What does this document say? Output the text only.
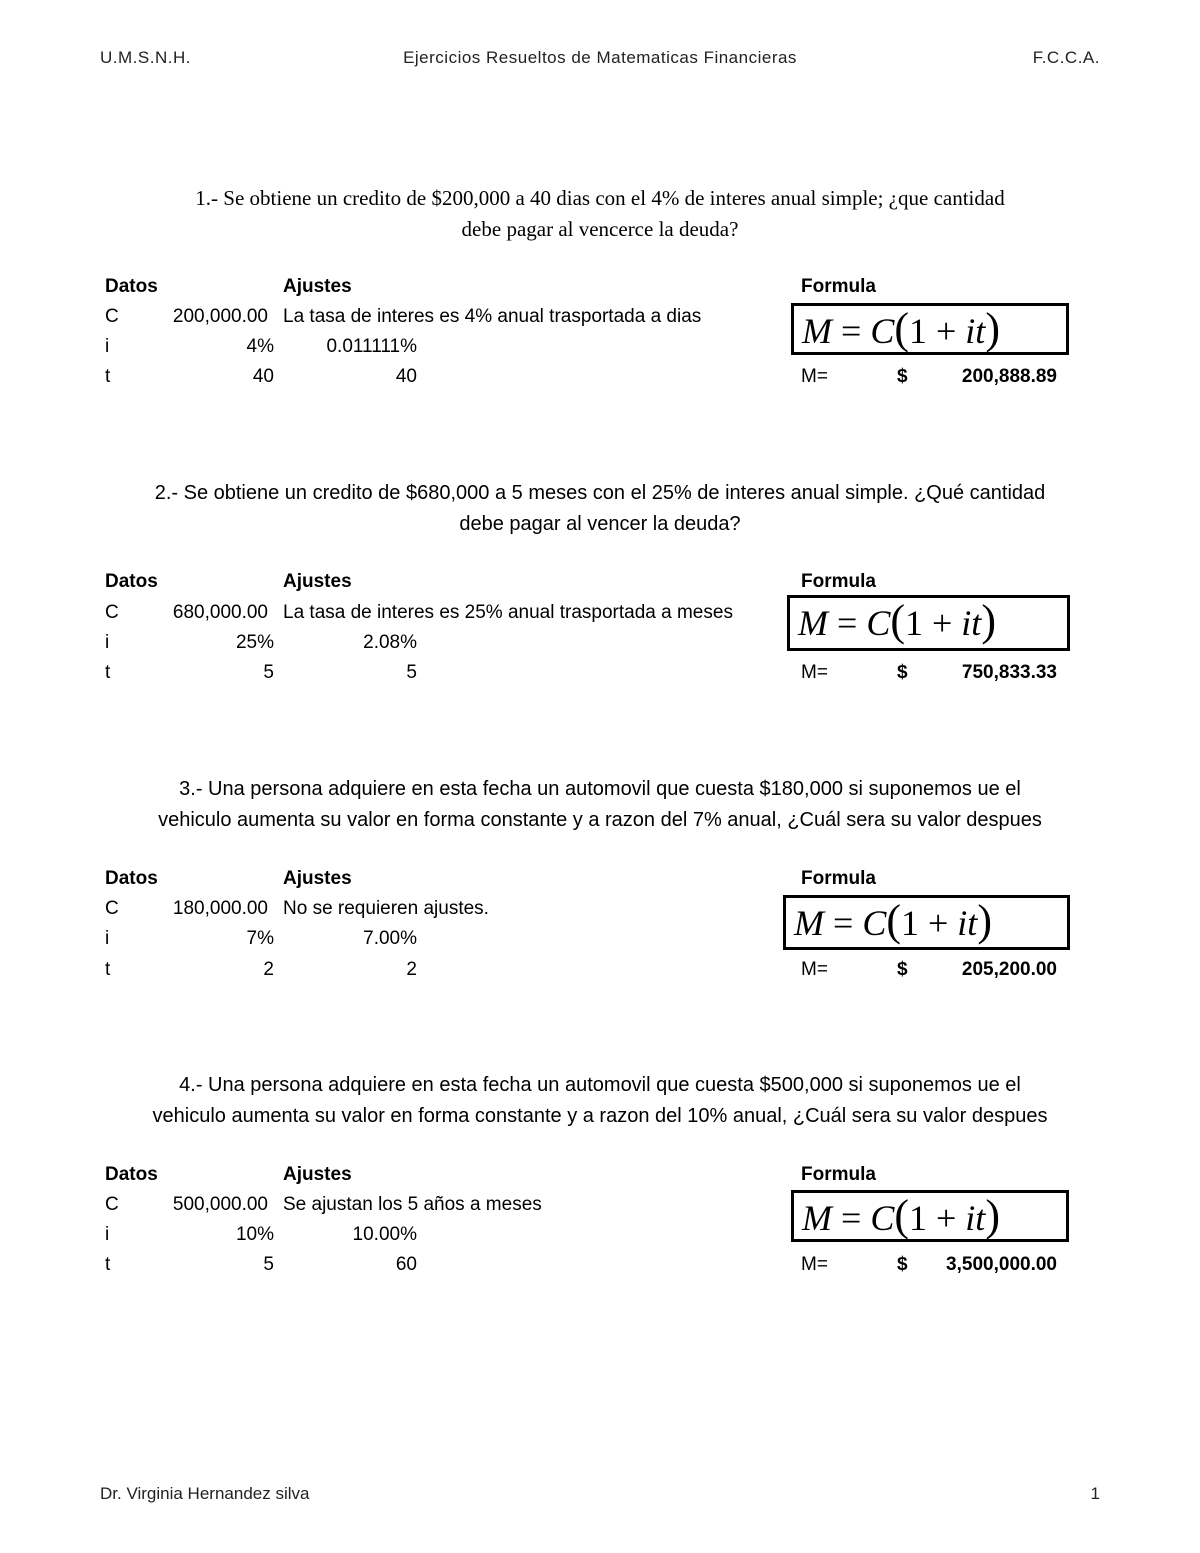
Ejercicios Resueltos de Matematicas Financieras
U.M.S.N.H.	F.C.C.A.
1.- Se obtiene un credito de $200,000 a 40 dias con el 4% de interes anual simple; ¿que cantidad
debe pagar al vencerce la deuda?
Datos	Ajustes	Formula
C	200,000.00 La tasa de interes es 4% anual trasportada a dias
i	4%	0.011111%
t	40	40
M = C(1 + it)
M=	$	200,888.89
2.- Se obtiene un credito de $680,000 a 5 meses con el 25% de interes anual simple. ¿Qué cantidad
debe pagar al vencer la deuda?
Datos	Ajustes	Formula
C	680,000.00 La tasa de interes es 25% anual trasportada a meses
i	25%	2.08%
t	5	5
M = C(1 + it)
M=	$	750,833.33
3.- Una persona adquiere en esta fecha un automovil que cuesta $180,000 si suponemos ue el
vehiculo aumenta su valor en forma constante y a razon del 7% anual, ¿Cuál sera su valor despues
Datos	Ajustes	Formula
C	180,000.00 No se requieren ajustes.
i	7%	7.00%
t	2	2
M = C(1 + it)
M=	$	205,200.00
4.- Una persona adquiere en esta fecha un automovil que cuesta $500,000 si suponemos ue el
vehiculo aumenta su valor en forma constante y a razon del 10% anual, ¿Cuál sera su valor despues
Datos	Ajustes	Formula
C	500,000.00 Se ajustan los 5 años a meses
i	10%	10.00%
t	5	60
M = C(1 + it)
M=	$	3,500,000.00
Dr. Virginia Hernandez silva	1
